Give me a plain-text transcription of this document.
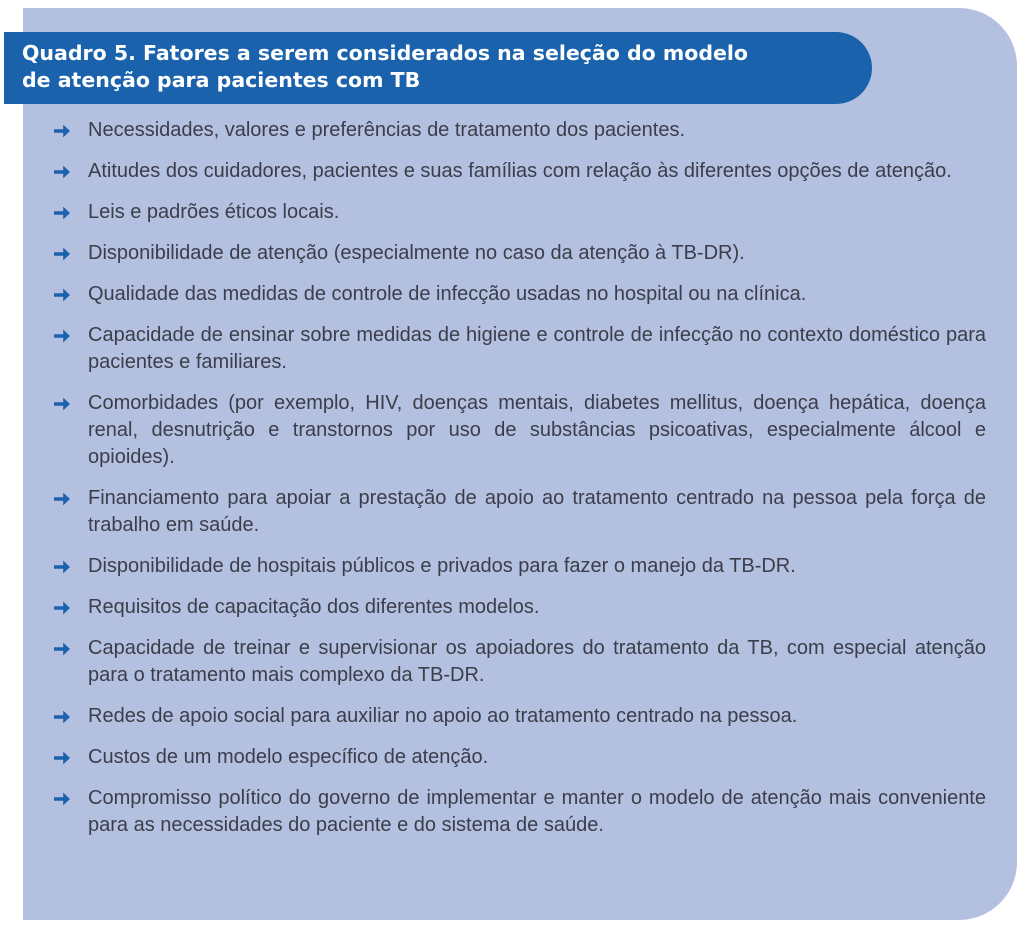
Quadro 5. Fatores a serem considerados na seleção do modelo
de atenção para pacientes com TB
Necessidades, valores e preferências de tratamento dos pacientes.
Atitudes dos cuidadores, pacientes e suas famílias com relação às diferentes opções de atenção.
Leis e padrões éticos locais.
Disponibilidade de atenção (especialmente no caso da atenção à TB-DR).
Qualidade das medidas de controle de infecção usadas no hospital ou na clínica.
Capacidade de ensinar sobre medidas de higiene e controle de infecção no contexto doméstico para pacientes e familiares.
Comorbidades (por exemplo, HIV, doenças mentais, diabetes mellitus, doença hepática, doença renal, desnutrição e transtornos por uso de substâncias psicoativas, especialmente álcool e opioides).
Financiamento para apoiar a prestação de apoio ao tratamento centrado na pessoa pela força de trabalho em saúde.
Disponibilidade de hospitais públicos e privados para fazer o manejo da TB-DR.
Requisitos de capacitação dos diferentes modelos.
Capacidade de treinar e supervisionar os apoiadores do tratamento da TB, com especial atenção para o tratamento mais complexo da TB-DR.
Redes de apoio social para auxiliar no apoio ao tratamento centrado na pessoa.
Custos de um modelo específico de atenção.
Compromisso político do governo de implementar e manter o modelo de atenção mais conveniente para as necessidades do paciente e do sistema de saúde.
